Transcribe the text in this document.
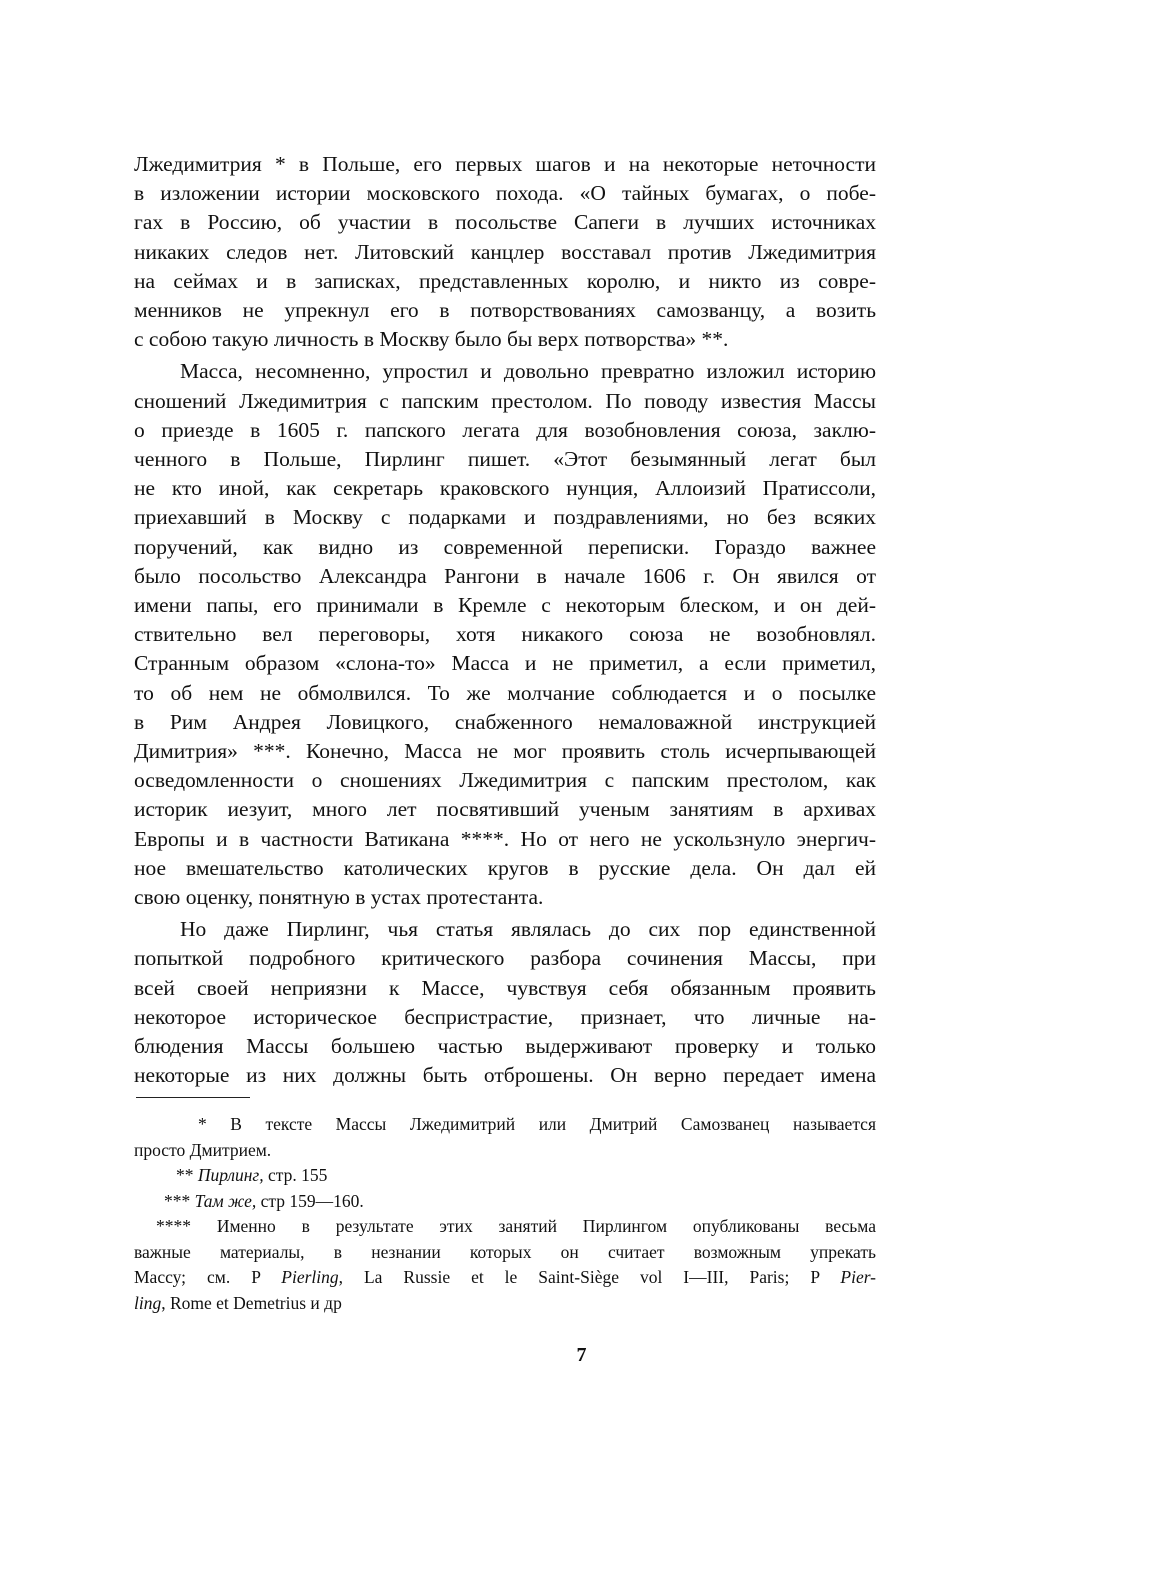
Лжедимитрия * в Польше, его первых шагов и на некоторые неточности
в изложении истории московского похода. «О тайных бумагах, о побе-
гах в Россию, об участии в посольстве Сапеги в лучших источниках
никаких следов нет. Литовский канцлер восставал против Лжедимитрия
на сеймах и в записках, представленных королю, и никто из совре-
менников не упрекнул его в потворствованиях самозванцу, а возить
с собою такую личность в Москву было бы верх потворства» **.

Масса, несомненно, упростил и довольно превратно изложил историю
сношений Лжедимитрия с папским престолом. По поводу известия Массы
о приезде в 1605 г. папского легата для возобновления союза, заклю-
ченного в Польше, Пирлинг пишет. «Этот безымянный легат был
не кто иной, как секретарь краковского нунция, Аллоизий Пратиссоли,
приехавший в Москву с подарками и поздравлениями, но без всяких
поручений, как видно из современной переписки. Гораздо важнее
было посольство Александра Рангони в начале 1606 г. Он явился от
имени папы, его принимали в Кремле с некоторым блеском, и он дей-
ствительно вел переговоры, хотя никакого союза не возобновлял.
Странным образом «слона-то» Масса и не приметил, а если приметил,
то об нем не обмолвился. То же молчание соблюдается и о посылке
в Рим Андрея Ловицкого, снабженного немаловажной инструкцией
Димитрия» ***. Конечно, Масса не мог проявить столь исчерпывающей
осведомленности о сношениях Лжедимитрия с папским престолом, как
историк иезуит, много лет посвятивший ученым занятиям в архивах
Европы и в частности Ватикана ****. Но от него не ускользнуло энергич-
ное вмешательство католических кругов в русские дела. Он дал ей
свою оценку, понятную в устах протестанта.

Но даже Пирлинг, чья статья являлась до сих пор единственной
попыткой подробного критического разбора сочинения Массы, при
всей своей неприязни к Массе, чувствуя себя обязанным проявить
некоторое историческое беспристрастие, признает, что личные на-
блюдения Массы большею частью выдерживают проверку и только
некоторые из них должны быть отброшены. Он верно передает имена

* В тексте Массы Лжедимитрий или Дмитрий Самозванец называется
просто Дмитрием.
** Пирлинг, стр. 155
*** Там же, стр 159—160.
**** Именно в результате этих занятий Пирлингом опубликованы весьма
важные материалы, в незнании которых он считает возможным упрекать
Массу; см. P Pierling, La Russie et le Saint-Siège vol I—III, Paris; P Pier-
ling, Rome et Demetrius и др
7
